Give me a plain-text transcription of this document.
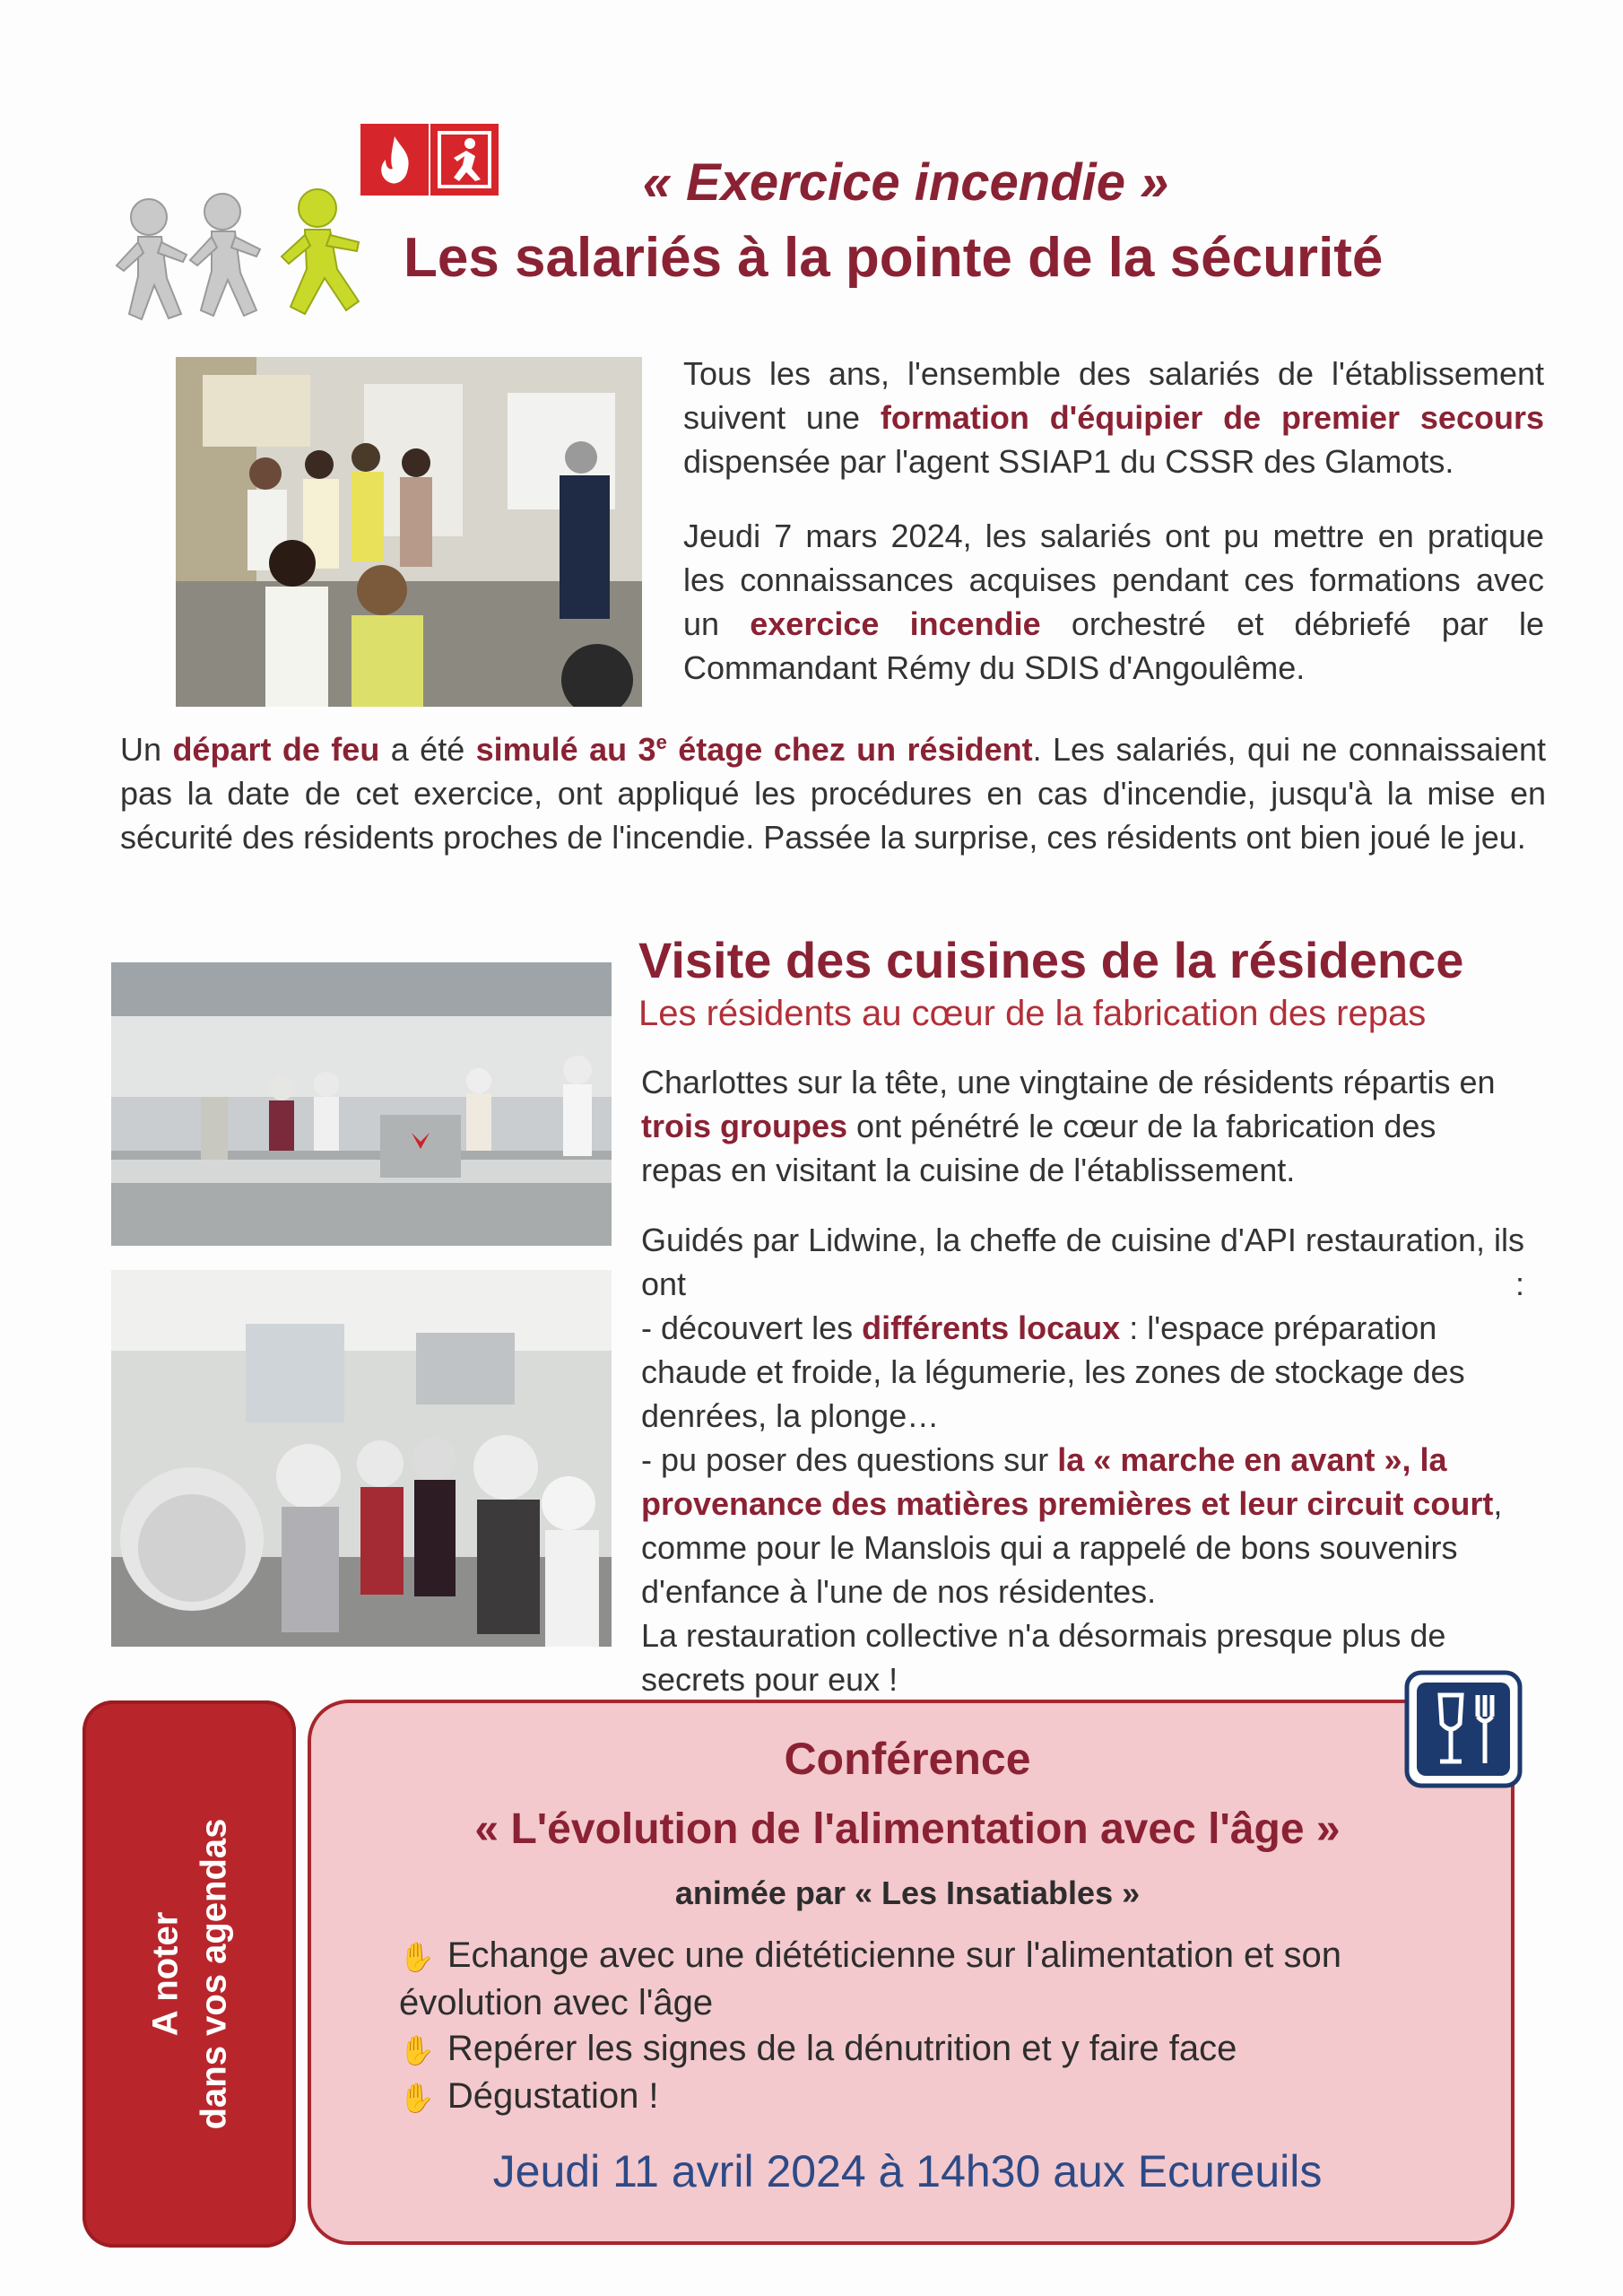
« Exercice incendie »
Les salariés à la pointe de la sécurité
Tous les ans, l'ensemble des salariés de l'établissement suivent une formation d'équipier de premier secours dispensée par l'agent SSIAP1 du CSSR des Glamots.
Jeudi 7 mars 2024, les salariés ont pu mettre en pratique les connaissances acquises pendant ces formations avec un exercice incendie orchestré et débriefé par le Commandant Rémy du SDIS d'Angoulême.
Un départ de feu a été simulé au 3e étage chez un résident. Les salariés, qui ne connaissaient pas la date de cet exercice, ont appliqué les procédures en cas d'incendie, jusqu'à la mise en sécurité des résidents proches de l'incendie. Passée la surprise, ces résidents ont bien joué le jeu.
Visite des cuisines de la résidence
Les résidents au cœur de la fabrication des repas
Charlottes sur la tête, une vingtaine de résidents répartis en trois groupes ont pénétré le cœur de la fabrication des repas en visitant la cuisine de l'établissement.
Guidés par Lidwine, la cheffe de cuisine d'API restauration, ils ont :
- découvert les différents locaux : l'espace préparation chaude et froide, la légumerie, les zones de stockage des denrées, la plonge…
- pu poser des questions sur la « marche en avant », la provenance des matières premières et leur circuit court, comme pour le Manslois qui a rappelé de bons souvenirs d'enfance à l'une de nos résidentes.
La restauration collective n'a désormais presque plus de secrets pour eux !
A noter dans vos agendas
Conférence
« L'évolution de l'alimentation avec l'âge »
animée par « Les Insatiables »
✋ Echange avec une diététicienne sur l'alimentation et son évolution avec l'âge
✋ Repérer les signes de la dénutrition et y faire face
✋ Dégustation !
Jeudi 11 avril 2024 à 14h30 aux Ecureuils
